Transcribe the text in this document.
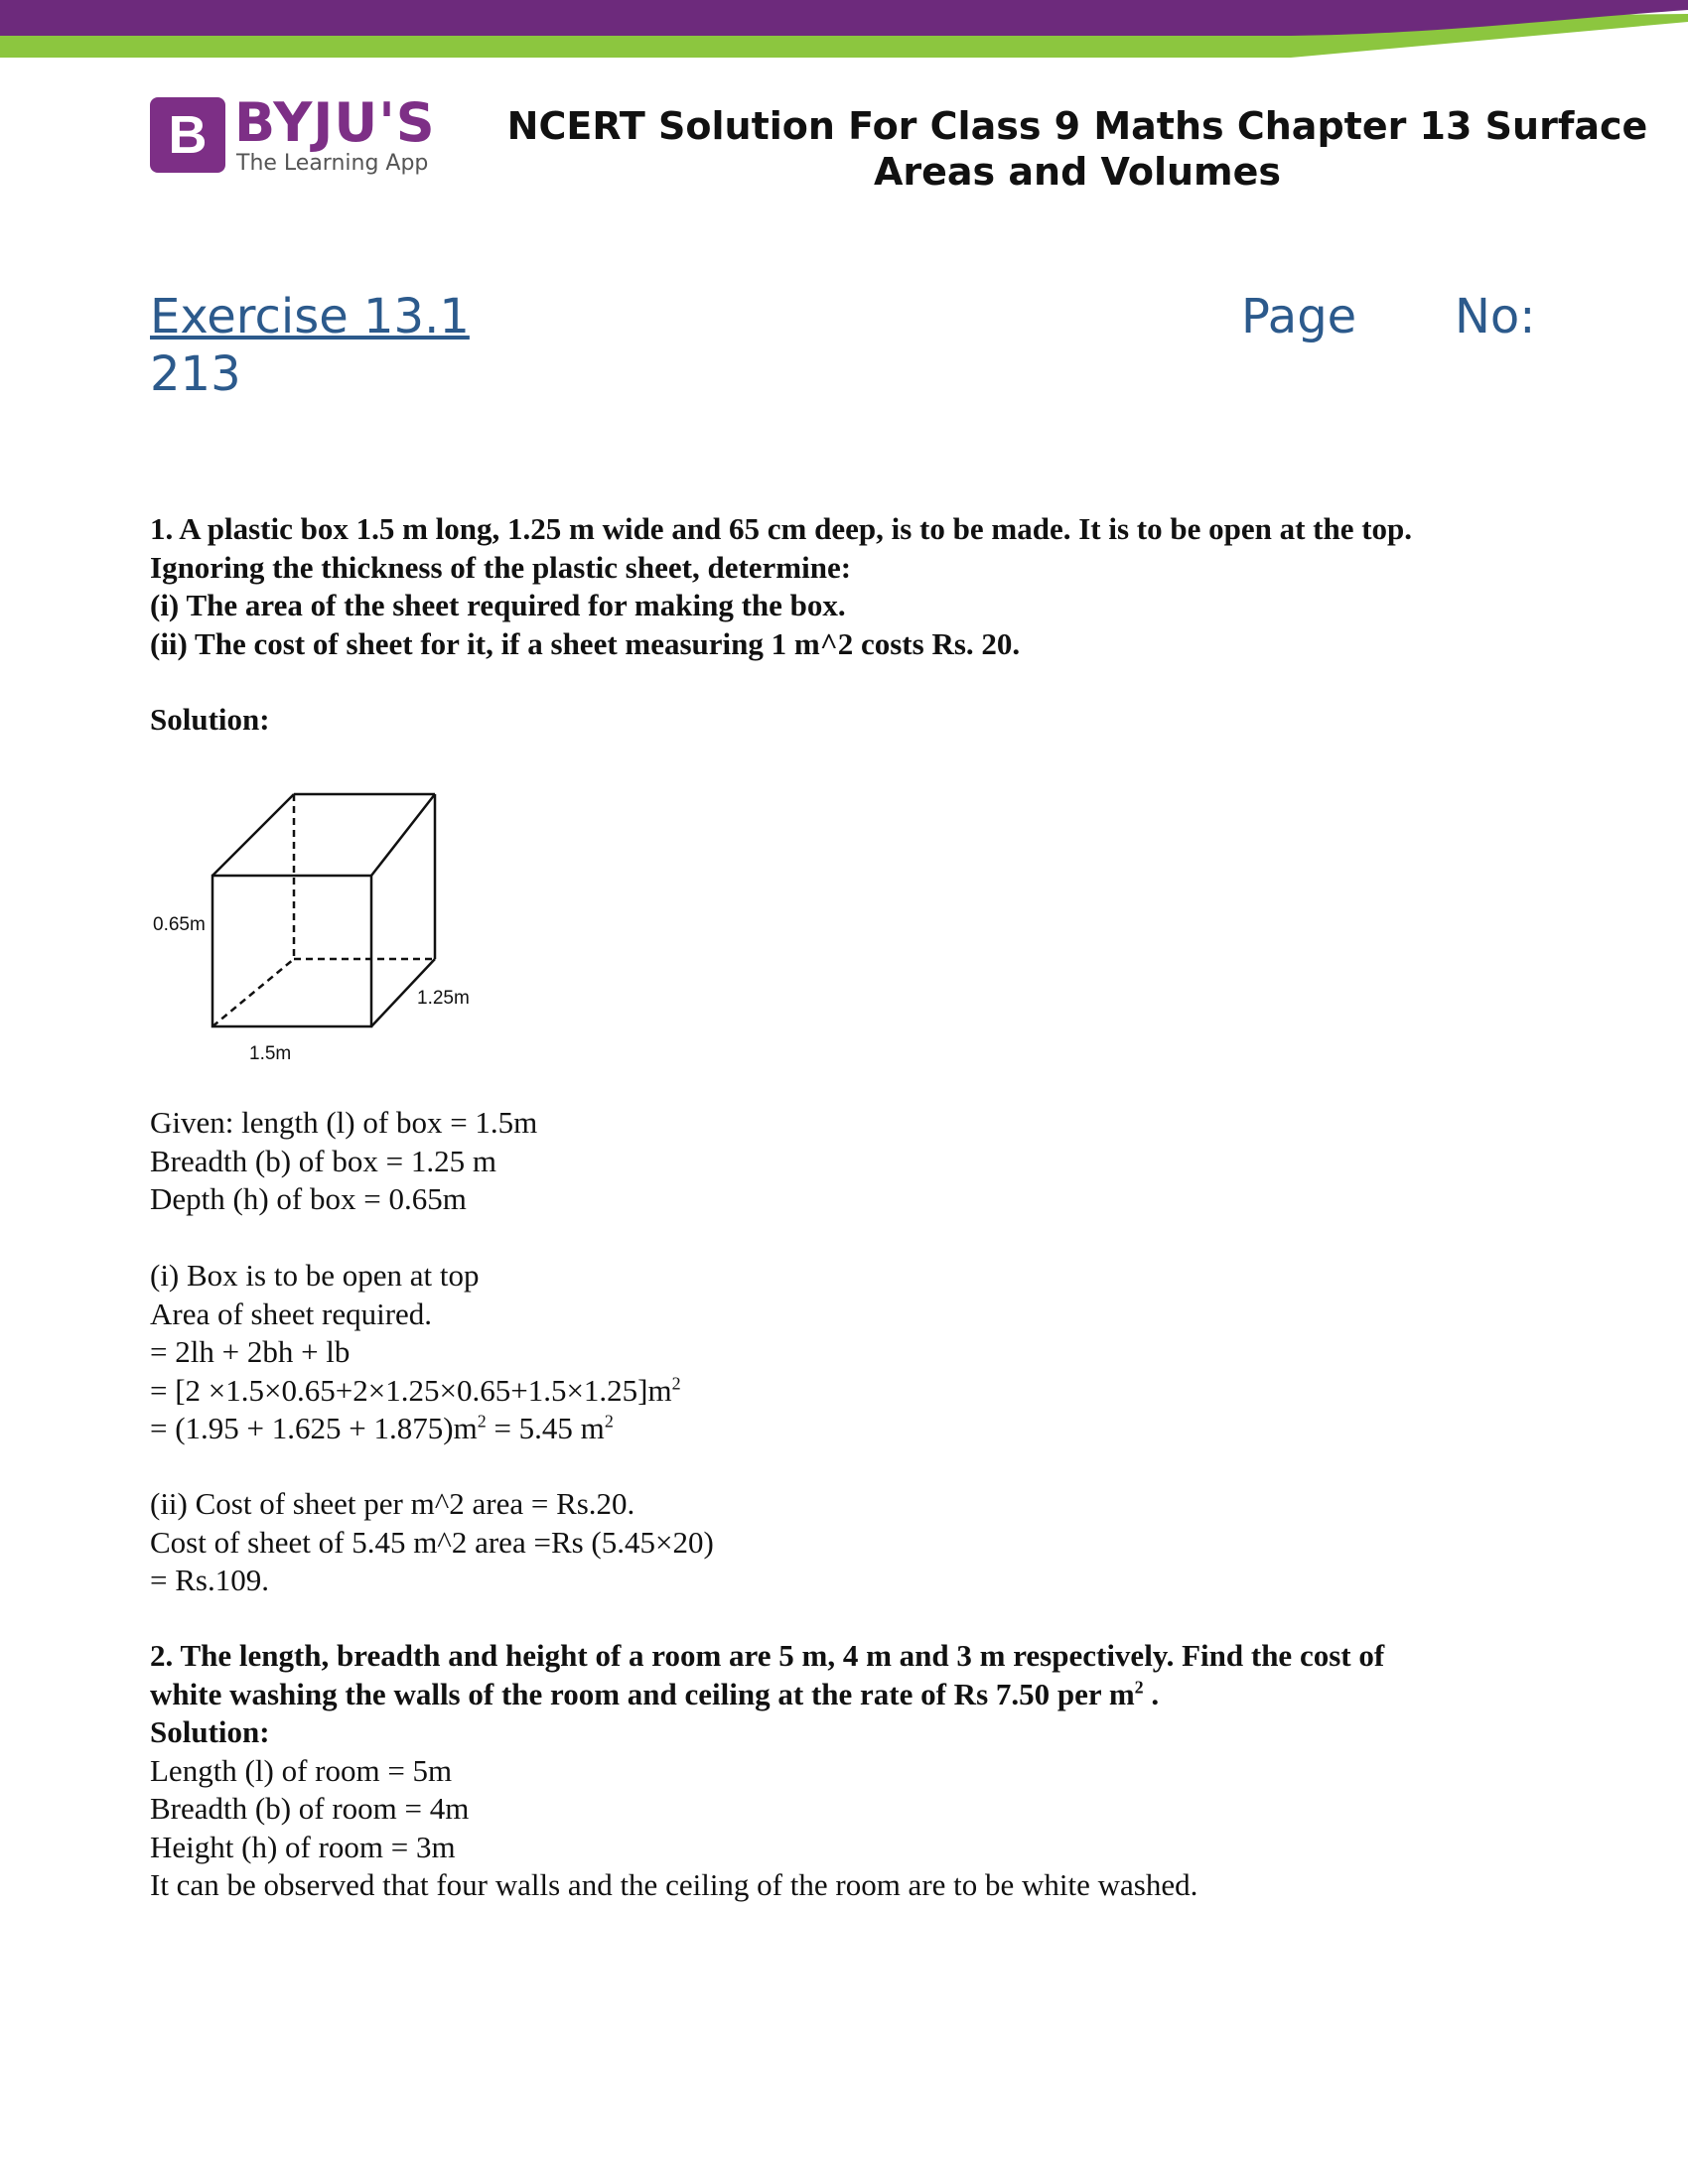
B BYJU'S
The Learning App
NCERT Solution For Class 9 Maths Chapter 13 Surface
Areas and Volumes
Exercise 13.1	Page No:
213
1. A plastic box 1.5 m long, 1.25 m wide and 65 cm deep, is to be made. It is to be open at the top.
Ignoring the thickness of the plastic sheet, determine:
(i) The area of the sheet required for making the box.
(ii) The cost of sheet for it, if a sheet measuring 1 m^2 costs Rs. 20.
Solution:
0.65m
1.25m
1.5m
Given: length (l) of box = 1.5m
Breadth (b) of box = 1.25 m
Depth (h) of box = 0.65m
(i) Box is to be open at top
Area of sheet required.
= 2lh + 2bh + lb
= $[2 \times 1.5\times 0.65+2\times 1.25\times 0.65+1.5\times 1.25]m^2$
= $(1.95 + 1.625 + 1.875)m^2 = 5.45$ $m^2$
(ii) Cost of sheet per m^2 area = Rs.20.
Cost of sheet of 5.45 m^2 area =Rs (5.45×20)
= Rs.109.
2. The length, breadth and height of a room are 5 m, 4 m and 3 m respectively. Find the cost of
white washing the walls of the room and ceiling at the rate of Rs 7.50 per $m^2$ .
Solution:
Length (l) of room = 5m
Breadth (b) of room = 4m
Height (h) of room = 3m
It can be observed that four walls and the ceiling of the room are to be white washed.
